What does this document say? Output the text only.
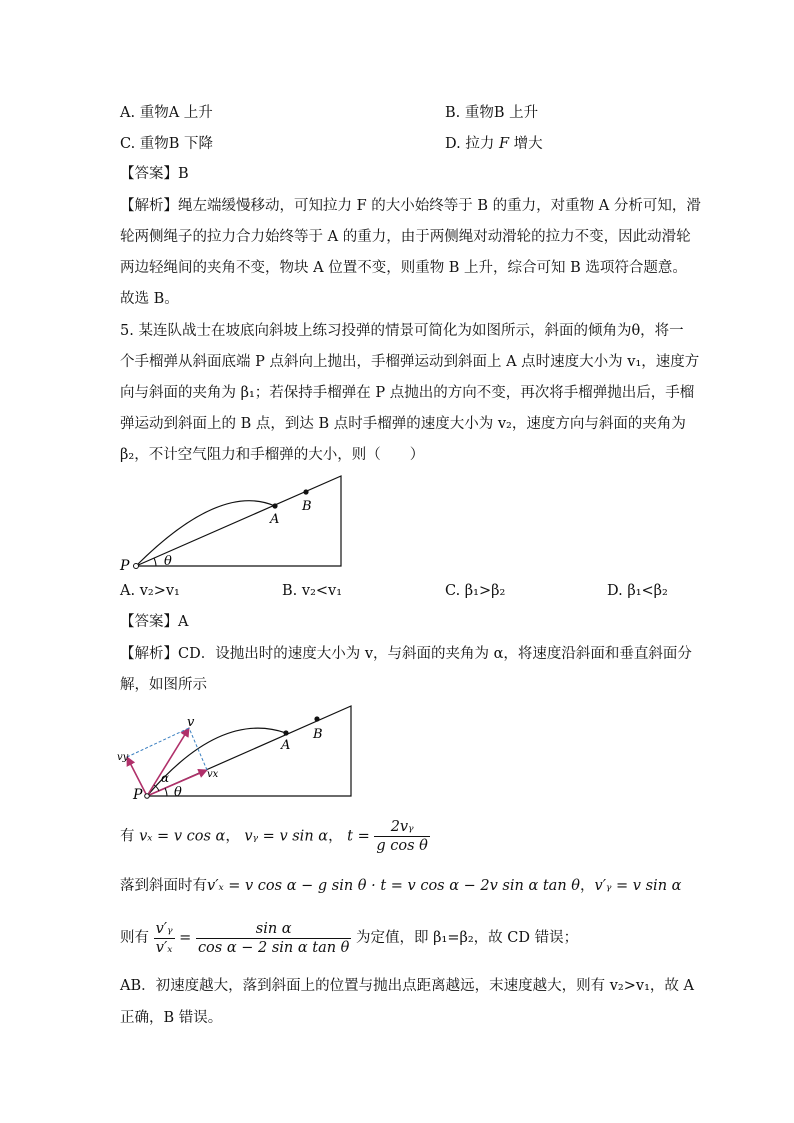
A. 重物A 上升	B. 重物B 上升
C. 重物B 下降	D. 拉力 F 增大
【答案】B
【解析】绳左端缓慢移动，可知拉力 F 的大小始终等于 B 的重力，对重物 A 分析可知，滑
轮两侧绳子的拉力合力始终等于 A 的重力，由于两侧绳对动滑轮的拉力不变，因此动滑轮
两边轻绳间的夹角不变，物块 A 位置不变，则重物 B 上升，综合可知 B 选项符合题意。
故选 B。
5. 某连队战士在坡底向斜坡上练习投弹的情景可简化为如图所示，斜面的倾角为θ，将一
个手榴弹从斜面底端 P 点斜向上抛出，手榴弹运动到斜面上 A 点时速度大小为 v₁，速度方
向与斜面的夹角为 β₁；若保持手榴弹在 P 点抛出的方向不变，再次将手榴弹抛出后，手榴
弹运动到斜面上的 B 点，到达 B 点时手榴弹的速度大小为 v₂，速度方向与斜面的夹角为
β₂，不计空气阻力和手榴弹的大小，则（　　）
P	θ
A
B
A. v₂>v₁	B. v₂<v₁	C. β₁>β₂	D. β₁<β₂
【答案】A
【解析】CD．设抛出时的速度大小为 v，与斜面的夹角为 α，将速度沿斜面和垂直斜面分
解，如图所示
P θ
α
v
vy
vx
A
B
有 vₓ = v cos α， vᵧ = v sin α， $t = \frac{\text{2vᵧ}}{\text{g cos θ}}$
落到斜面时有v′ₓ = v cos α − g sin θ · t = v cos α − 2v sin α tan θ，v′ᵧ = v sin α
则有 $\frac{\text{v′ᵧ}}{\text{v′ₓ}} = \frac{\text{sin α}}{\text{cos α − 2 sin α tan θ}}$ 为定值，即 β₁=β₂，故 CD 错误；
AB．初速度越大，落到斜面上的位置与抛出点距离越远，末速度越大，则有 v₂>v₁，故 A
正确，B 错误。
